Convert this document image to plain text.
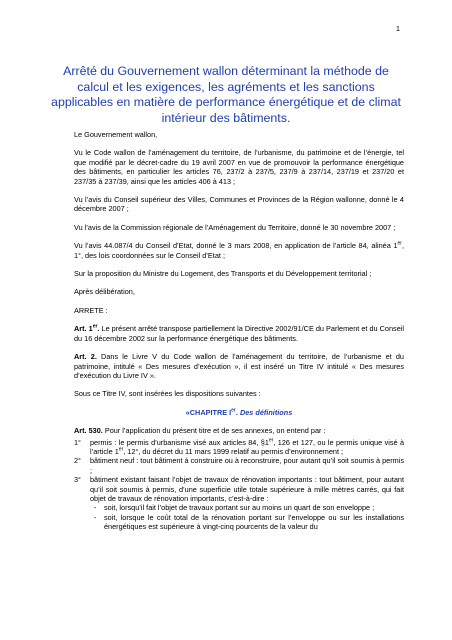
1
Arrêté du Gouvernement wallon déterminant la méthode de calcul et les exigences, les agréments et les sanctions applicables en matière de performance énergétique et de climat intérieur des bâtiments.

Le Gouvernement wallon,

Vu le Code wallon de l’aménagement du territoire, de l’urbanisme, du patrimoine et de l’énergie, tel que modifié par le décret-cadre du 19 avril 2007 en vue de promouvoir la performance énergétique des bâtiments, en particulier les articles 76, 237/2 à 237/5, 237/9 à 237/14, 237/19 et 237/20 et 237/35 à 237/39, ainsi que les articles 406 à 413 ;

Vu l’avis du Conseil supérieur des Villes, Communes et Provinces de la Région wallonne, donné le 4 décembre 2007 ;

Vu l’avis de la Commission régionale de l’Aménagement du Territoire, donné le 30 novembre 2007 ;

Vu l’avis 44.087/4 du Conseil d’Etat, donné le 3 mars 2008, en application de l’article 84, alinéa 1er, 1°, des lois coordonnées sur le Conseil d’Etat ;

Sur la proposition du Ministre du Logement, des Transports et du Développement territorial ;

Après délibération,

ARRETE :

Art. 1er. Le présent arrêté transpose partiellement la Directive 2002/91/CE du Parlement et du Conseil du 16 décembre 2002 sur la performance énergétique des bâtiments.

Art. 2. Dans le Livre V du Code wallon de l’aménagement du territoire, de l’urbanisme et du patrimoine, intitulé « Des mesures d’exécution », il est inséré un Titre IV intitulé « Des mesures d’exécution du Livre IV ».

Sous ce Titre IV, sont insérées les dispositions suivantes :

«CHAPITRE Ier. Des définitions

Art. 530. Pour l’application du présent titre et de ses annexes, on entend par :

1°	permis : le permis d’urbanisme visé aux articles 84, §1er, 126 et 127, ou le permis unique visé à l’article 1er, 12°, du décret du 11 mars 1999 relatif au permis d’environnement ;
2°	bâtiment neuf : tout bâtiment à construire ou à reconstruire, pour autant qu’il soit soumis à permis ;
3°	bâtiment existant faisant l’objet de travaux de rénovation importants : tout bâtiment, pour autant qu’il soit soumis à permis, d’une superficie utile totale supérieure à mille mètres carrés, qui fait objet de travaux de rénovation importants, c’est-à-dire :
-	soit, lorsqu’il fait l’objet de travaux portant sur au moins un quart de son enveloppe ;
-	soit, lorsque le coût total de la rénovation portant sur l’enveloppe ou sur les installations énergétiques est supérieure à vingt-cinq pourcents de la valeur du
